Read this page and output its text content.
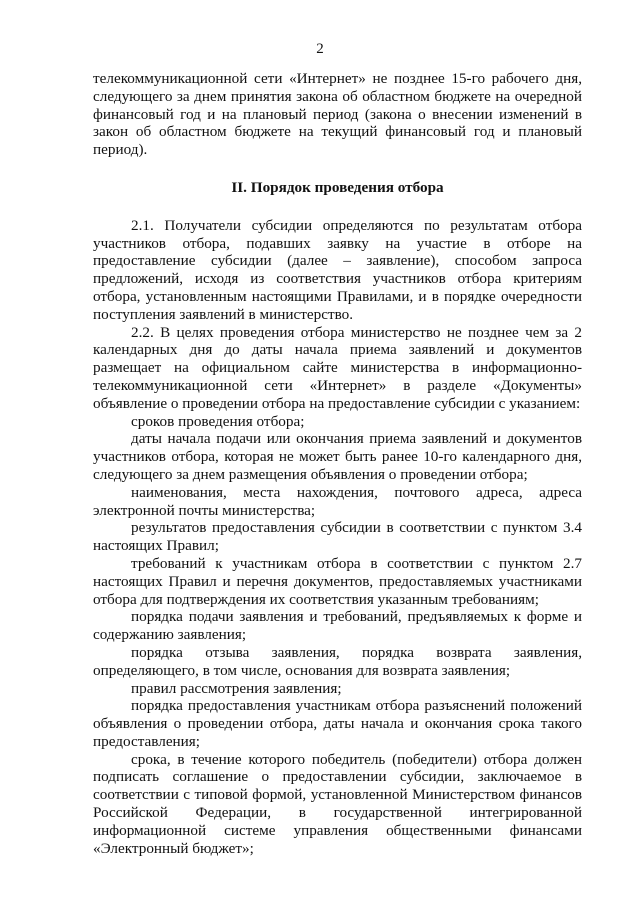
2

телекоммуникационной сети «Интернет» не позднее 15-го рабочего дня, следующего за днем принятия закона об областном бюджете на очередной финансовый год и на плановый период (закона о внесении изменений в закон об областном бюджете на текущий финансовый год и плановый период).

II. Порядок проведения отбора

2.1. Получатели субсидии определяются по результатам отбора участников отбора, подавших заявку на участие в отборе на предоставление субсидии (далее – заявление), способом запроса предложений, исходя из соответствия участников отбора критериям отбора, установленным настоящими Правилами, и в порядке очередности поступления заявлений в министерство.

2.2. В целях проведения отбора министерство не позднее чем за 2 календарных дня до даты начала приема заявлений и документов размещает на официальном сайте министерства в информационно-телекоммуникационной сети «Интернет» в разделе «Документы» объявление о проведении отбора на предоставление субсидии с указанием:

сроков проведения отбора;

даты начала подачи или окончания приема заявлений и документов участников отбора, которая не может быть ранее 10-го календарного дня, следующего за днем размещения объявления о проведении отбора;

наименования, места нахождения, почтового адреса, адреса электронной почты министерства;

результатов предоставления субсидии в соответствии с пунктом 3.4 настоящих Правил;

требований к участникам отбора в соответствии с пунктом 2.7 настоящих Правил и перечня документов, предоставляемых участниками отбора для подтверждения их соответствия указанным требованиям;

порядка подачи заявления и требований, предъявляемых к форме и содержанию заявления;

порядка отзыва заявления, порядка возврата заявления, определяющего, в том числе, основания для возврата заявления;

правил рассмотрения заявления;

порядка предоставления участникам отбора разъяснений положений объявления о проведении отбора, даты начала и окончания срока такого предоставления;

срока, в течение которого победитель (победители) отбора должен подписать соглашение о предоставлении субсидии, заключаемое в соответствии с типовой формой, установленной Министерством финансов Российской Федерации, в государственной интегрированной информационной системе управления общественными финансами «Электронный бюджет»;
